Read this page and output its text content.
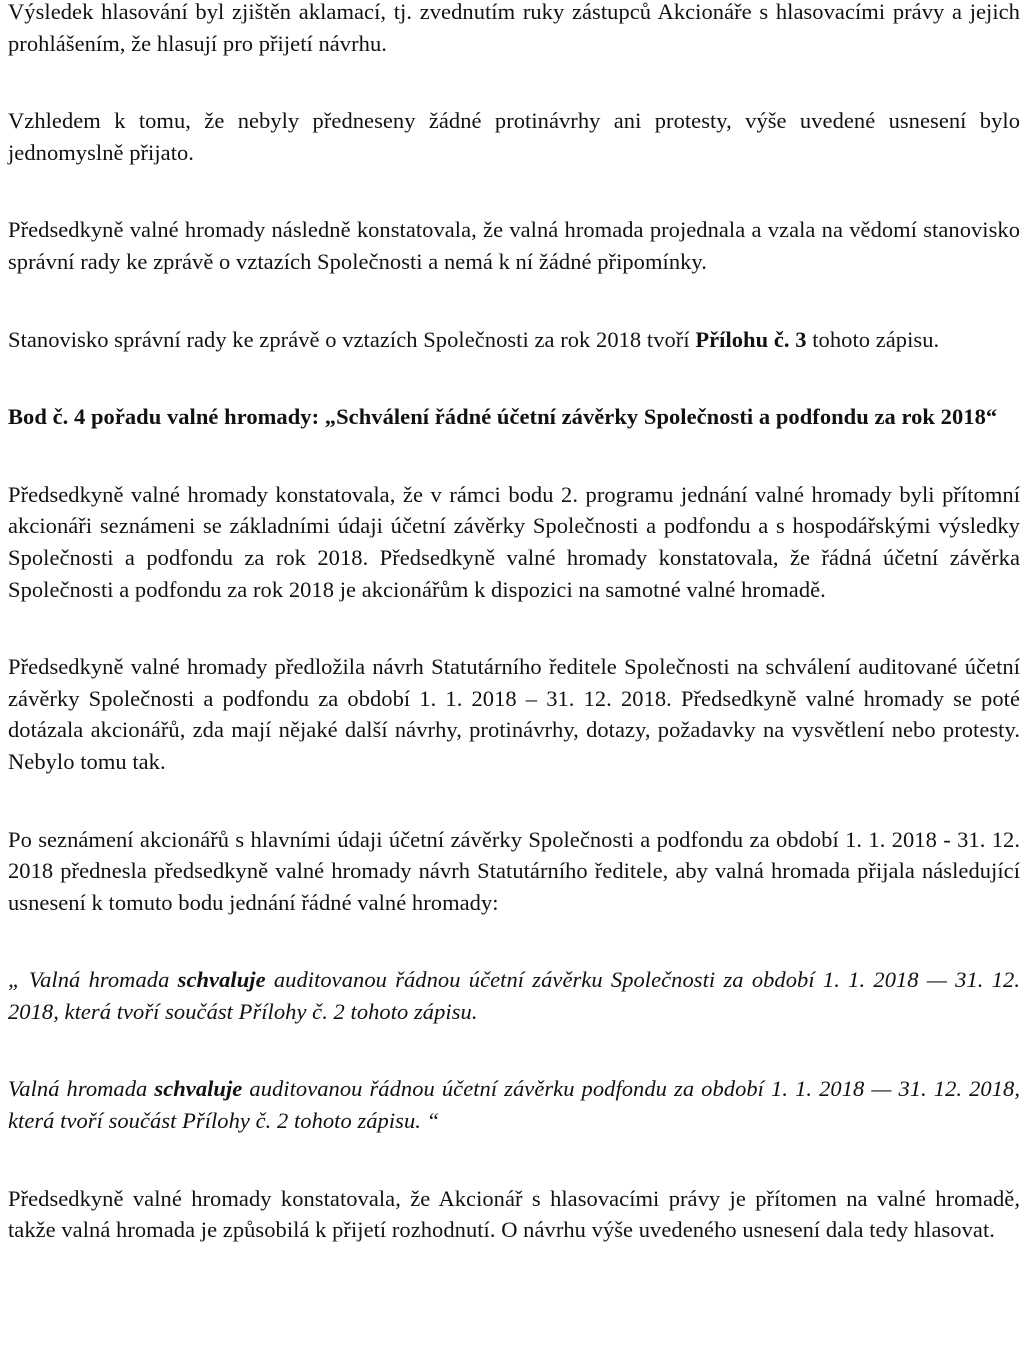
Výsledek hlasování byl zjištěn aklamací, tj. zvednutím ruky zástupců Akcionáře s hlasovacími právy a jejich prohlášením, že hlasují pro přijetí návrhu.

Vzhledem k tomu, že nebyly předneseny žádné protinávrhy ani protesty, výše uvedené usnesení bylo jednomyslně přijato.

Předsedkyně valné hromady následně konstatovala, že valná hromada projednala a vzala na vědomí stanovisko správní rady ke zprávě o vztazích Společnosti a nemá k ní žádné připomínky.

Stanovisko správní rady ke zprávě o vztazích Společnosti za rok 2018 tvoří Přílohu č. 3 tohoto zápisu.

Bod č. 4 pořadu valné hromady: „Schválení řádné účetní závěrky Společnosti a podfondu za rok 2018“

Předsedkyně valné hromady konstatovala, že v rámci bodu 2. programu jednání valné hromady byli přítomní akcionáři seznámeni se základními údaji účetní závěrky Společnosti a podfondu a s hospodářskými výsledky Společnosti a podfondu za rok 2018. Předsedkyně valné hromady konstatovala, že řádná účetní závěrka Společnosti a podfondu za rok 2018 je akcionářům k dispozici na samotné valné hromadě.

Předsedkyně valné hromady předložila návrh Statutárního ředitele Společnosti na schválení auditované účetní závěrky Společnosti a podfondu za období 1. 1. 2018 – 31. 12. 2018. Předsedkyně valné hromady se poté dotázala akcionářů, zda mají nějaké další návrhy, protinávrhy, dotazy, požadavky na vysvětlení nebo protesty. Nebylo tomu tak.

Po seznámení akcionářů s hlavními údaji účetní závěrky Společnosti a podfondu za období 1. 1. 2018 - 31. 12. 2018 přednesla předsedkyně valné hromady návrh Statutárního ředitele, aby valná hromada přijala následující usnesení k tomuto bodu jednání řádné valné hromady:

„ Valná hromada schvaluje auditovanou řádnou účetní závěrku Společnosti za období 1. 1. 2018 — 31. 12. 2018, která tvoří součást Přílohy č. 2 tohoto zápisu.

Valná hromada schvaluje auditovanou řádnou účetní závěrku podfondu za období 1. 1. 2018 — 31. 12. 2018, která tvoří součást Přílohy č. 2 tohoto zápisu. “

Předsedkyně valné hromady konstatovala, že Akcionář s hlasovacími právy je přítomen na valné hromadě, takže valná hromada je způsobilá k přijetí rozhodnutí. O návrhu výše uvedeného usnesení dala tedy hlasovat.
